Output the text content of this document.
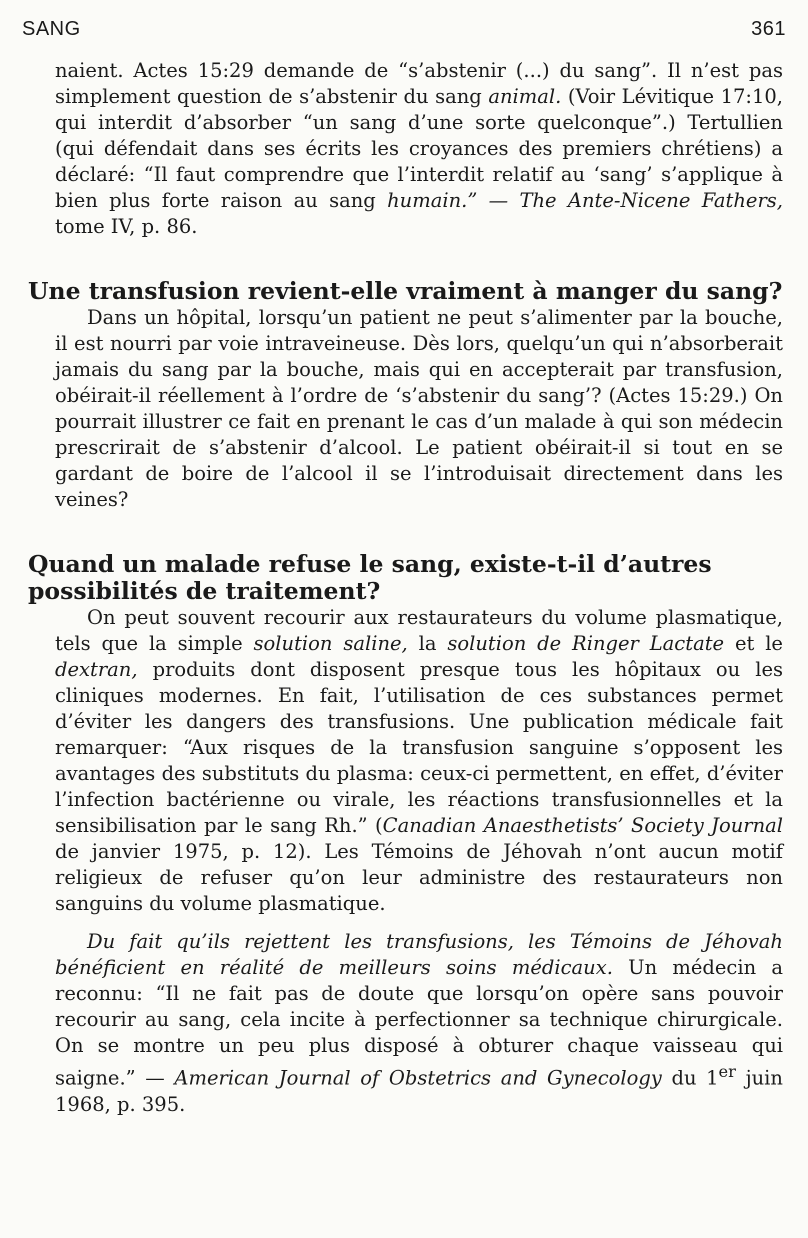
SANG	361

naient. Actes 15:29 demande de “s’abstenir (...) du sang”. Il n’est pas simplement question de s’abstenir du sang animal. (Voir Lévitique 17:10, qui interdit d’absorber “un sang d’une sorte quelconque”.) Tertullien (qui défendait dans ses écrits les croyances des premiers chrétiens) a déclaré: “Il faut comprendre que l’interdit relatif au ‘sang’ s’applique à bien plus forte raison au sang humain.” — The Ante-Nicene Fathers, tome IV, p. 86.

Une transfusion revient-elle vraiment à manger du sang?

Dans un hôpital, lorsqu’un patient ne peut s’alimenter par la bouche, il est nourri par voie intraveineuse. Dès lors, quelqu’un qui n’absorberait jamais du sang par la bouche, mais qui en accepterait par transfusion, obéirait-il réellement à l’ordre de ‘s’abstenir du sang’? (Actes 15:29.) On pourrait illustrer ce fait en prenant le cas d’un malade à qui son médecin prescrirait de s’abstenir d’alcool. Le patient obéirait-il si tout en se gardant de boire de l’alcool il se l’introduisait directement dans les veines?

Quand un malade refuse le sang, existe-t-il d’autres possibilités de traitement?

On peut souvent recourir aux restaurateurs du volume plasmatique, tels que la simple solution saline, la solution de Ringer Lactate et le dextran, produits dont disposent presque tous les hôpitaux ou les cliniques modernes. En fait, l’utilisation de ces substances permet d’éviter les dangers des transfusions. Une publication médicale fait remarquer: “Aux risques de la transfusion sanguine s’opposent les avantages des substituts du plasma: ceux-ci permettent, en effet, d’éviter l’infection bactérienne ou virale, les réactions transfusionnelles et la sensibilisation par le sang Rh.” (Canadian Anaesthetists’ Society Journal de janvier 1975, p. 12). Les Témoins de Jéhovah n’ont aucun motif religieux de refuser qu’on leur administre des restaurateurs non sanguins du volume plasmatique.

Du fait qu’ils rejettent les transfusions, les Témoins de Jéhovah bénéficient en réalité de meilleurs soins médicaux. Un médecin a reconnu: “Il ne fait pas de doute que lorsqu’on opère sans pouvoir recourir au sang, cela incite à perfectionner sa technique chirurgicale. On se montre un peu plus disposé à obturer chaque vaisseau qui saigne.” — American Journal of Obstetrics and Gynecology du 1er juin 1968, p. 395.
